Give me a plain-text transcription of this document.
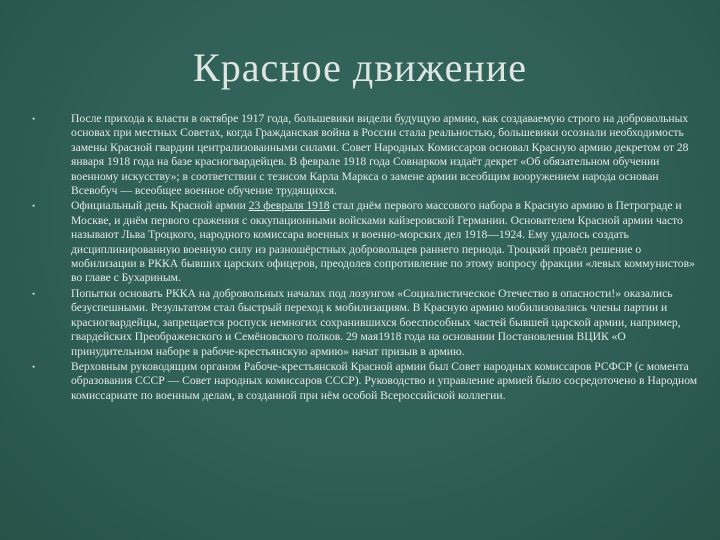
Красное движение
•	После прихода к власти в октябре 1917 года, большевики видели будущую армию, как создаваемую строго на добровольных основах при местных Советах, когда Гражданская война в России стала реальностью, большевики осознали необходимость замены Красной гвардии централизованными силами. Совет Народных Комиссаров основал Красную армию декретом от 28 января 1918 года на базе красногвардейцев. В феврале 1918 года Совнарком издаёт декрет «Об обязательном обучении военному искусству»; в соответствии с тезисом Карла Маркса о замене армии всеобщим вооружением народа основан Всевобуч — всеобщее военное обучение трудящихся.
•	Официальный день Красной армии 23 февраля 1918 стал днём первого массового набора в Красную армию в Петрограде и Москве, и днём первого сражения с оккупационными войсками кайзеровской Германии. Основателем Красной армии часто называют Льва Троцкого, народного комиссара военных и военно-морских дел 1918—1924. Ему удалось создать дисциплинированную военную силу из разношёрстных добровольцев раннего периода. Троцкий провёл решение о мобилизации в РККА бывших царских офицеров, преодолев сопротивление по этому вопросу фракции «левых коммунистов» во главе с Бухариным.
•	Попытки основать РККА на добровольных началах под лозунгом «Социалистическое Отечество в опасности!» оказались безуспешными. Результатом стал быстрый переход к мобилизациям. В Красную армию мобилизовались члены партии и красногвардейцы, запрещается роспуск немногих сохранившихся боеспособных частей бывшей царской армии, например, гвардейских Преображенского и Семёновского полков. 29 мая1918 года на основании Постановления ВЦИК «О принудительном наборе в рабоче-крестьянскую армию» начат призыв в армию.
•	Верховным руководящим органом Рабоче-крестьянской Красной армии был Совет народных комиссаров РСФСР (с момента образования СССР — Совет народных комиссаров СССР). Руководство и управление армией было сосредоточено в Народном комиссариате по военным делам, в созданной при нём особой Всероссийской коллегии.
